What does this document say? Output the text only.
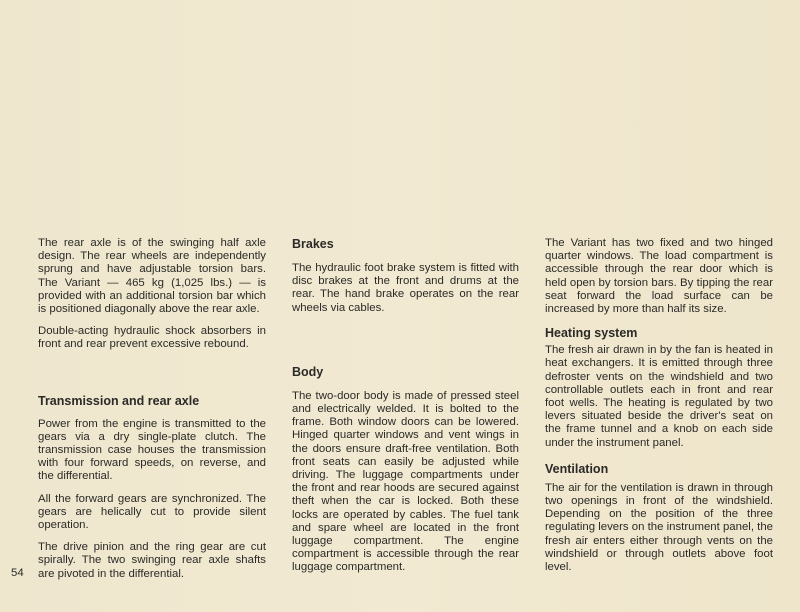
The rear axle is of the swinging half axle design. The rear wheels are independently sprung and have adjustable torsion bars. The Variant — 465 kg (1,025 lbs.) — is provided with an additional torsion bar which is positioned diagonally above the rear axle.

Double-acting hydraulic shock absorbers in front and rear prevent excessive rebound.

Transmission and rear axle

Power from the engine is transmitted to the gears via a dry single-plate clutch. The transmission case houses the transmission with four forward speeds, on reverse, and the differential.

All the forward gears are synchronized. The gears are helically cut to provide silent operation.

The drive pinion and the ring gear are cut spirally. The two swinging rear axle shafts are pivoted in the differential.

Brakes

The hydraulic foot brake system is fitted with disc brakes at the front and drums at the rear. The hand brake operates on the rear wheels via cables.

Body

The two-door body is made of pressed steel and electrically welded. It is bolted to the frame. Both window doors can be lowered. Hinged quarter windows and vent wings in the doors ensure draft-free ventilation. Both front seats can easily be adjusted while driving. The luggage compartments under the front and rear hoods are secured against theft when the car is locked. Both these locks are operated by cables. The fuel tank and spare wheel are located in the front luggage compartment. The engine compartment is accessible through the rear luggage compartment.

The Variant has two fixed and two hinged quarter windows. The load compartment is accessible through the rear door which is held open by torsion bars. By tipping the rear seat forward the load surface can be increased by more than half its size.

Heating system

The fresh air drawn in by the fan is heated in heat exchangers. It is emitted through three defroster vents on the windshield and two controllable outlets each in front and rear foot wells. The heating is regulated by two levers situated beside the driver's seat on the frame tunnel and a knob on each side under the instrument panel.

Ventilation

The air for the ventilation is drawn in through two openings in front of the windshield. Depending on the position of the three regulating levers on the instrument panel, the fresh air enters either through vents on the windshield or through outlets above foot level.

54
